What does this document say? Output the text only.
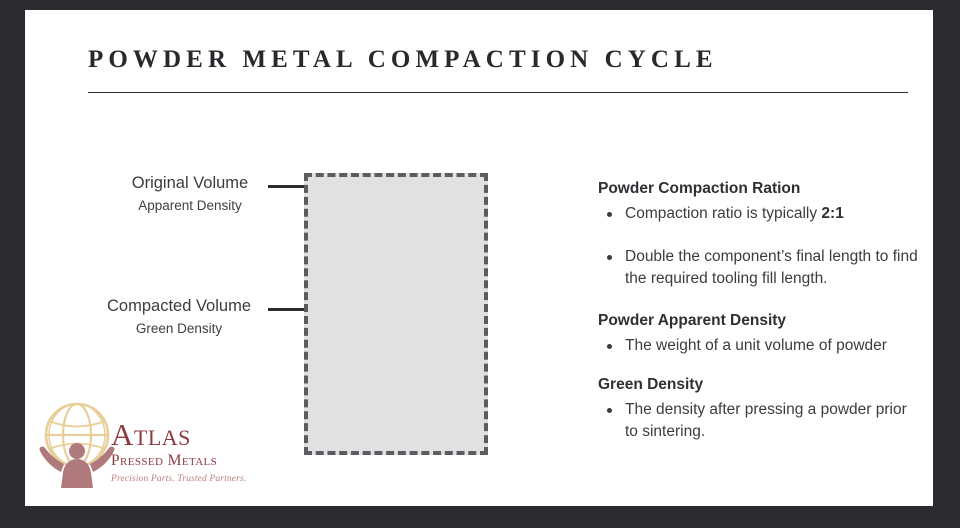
POWDER METAL COMPACTION CYCLE
Original Volume
Apparent Density
Compacted Volume
Green Density
Atlas
Pressed Metals
Precision Parts. Trusted Partners.
Powder Compaction Ration
Compaction ratio is typically 2:1
Double the component’s final length to find the required tooling fill length.
Powder Apparent Density
The weight of a unit volume of powder
Green Density
The density after pressing a powder prior to sintering.
